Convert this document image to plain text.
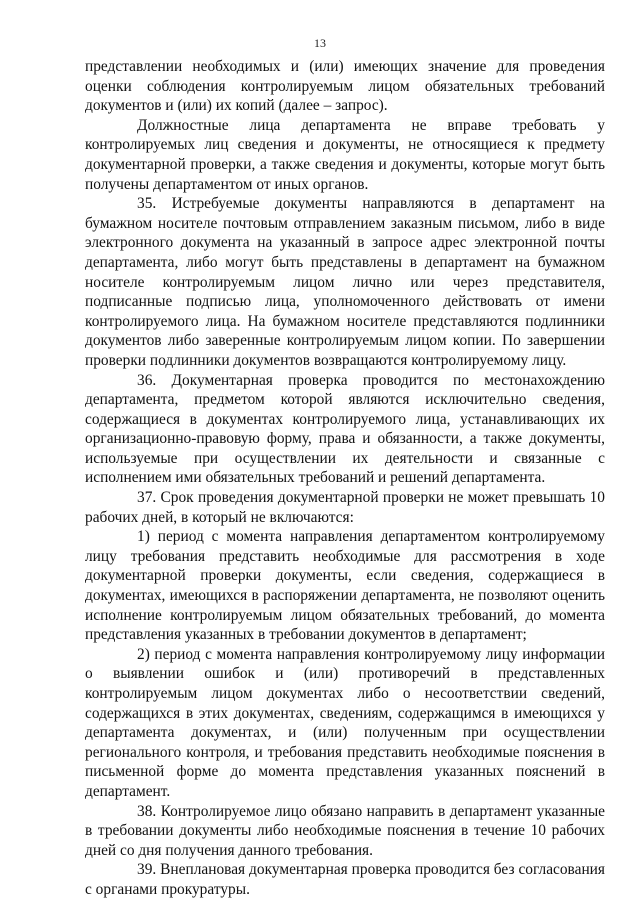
13

представлении необходимых и (или) имеющих значение для проведения оценки соблюдения контролируемым лицом обязательных требований документов и (или) их копий (далее – запрос).

Должностные лица департамента не вправе требовать у контролируемых лиц сведения и документы, не относящиеся к предмету документарной проверки, а также сведения и документы, которые могут быть получены департаментом от иных органов.

35. Истребуемые документы направляются в департамент на бумажном носителе почтовым отправлением заказным письмом, либо в виде электронного документа на указанный в запросе адрес электронной почты департамента, либо могут быть представлены в департамент на бумажном носителе контролируемым лицом лично или через представителя, подписанные подписью лица, уполномоченного действовать от имени контролируемого лица. На бумажном носителе представляются подлинники документов либо заверенные контролируемым лицом копии. По завершении проверки подлинники документов возвращаются контролируемому лицу.

36. Документарная проверка проводится по местонахождению департамента, предметом которой являются исключительно сведения, содержащиеся в документах контролируемого лица, устанавливающих их организационно-правовую форму, права и обязанности, а также документы, используемые при осуществлении их деятельности и связанные с исполнением ими обязательных требований и решений департамента.

37. Срок проведения документарной проверки не может превышать 10 рабочих дней, в который не включаются:

1) период с момента направления департаментом контролируемому лицу требования представить необходимые для рассмотрения в ходе документарной проверки документы, если сведения, содержащиеся в документах, имеющихся в распоряжении департамента, не позволяют оценить исполнение контролируемым лицом обязательных требований, до момента представления указанных в требовании документов в департамент;

2) период с момента направления контролируемому лицу информации о выявлении ошибок и (или) противоречий в представленных контролируемым лицом документах либо о несоответствии сведений, содержащихся в этих документах, сведениям, содержащимся в имеющихся у департамента документах, и (или) полученным при осуществлении регионального контроля, и требования представить необходимые пояснения в письменной форме до момента представления указанных пояснений в департамент.

38. Контролируемое лицо обязано направить в департамент указанные в требовании документы либо необходимые пояснения в течение 10 рабочих дней со дня получения данного требования.

39. Внеплановая документарная проверка проводится без согласования с органами прокуратуры.
